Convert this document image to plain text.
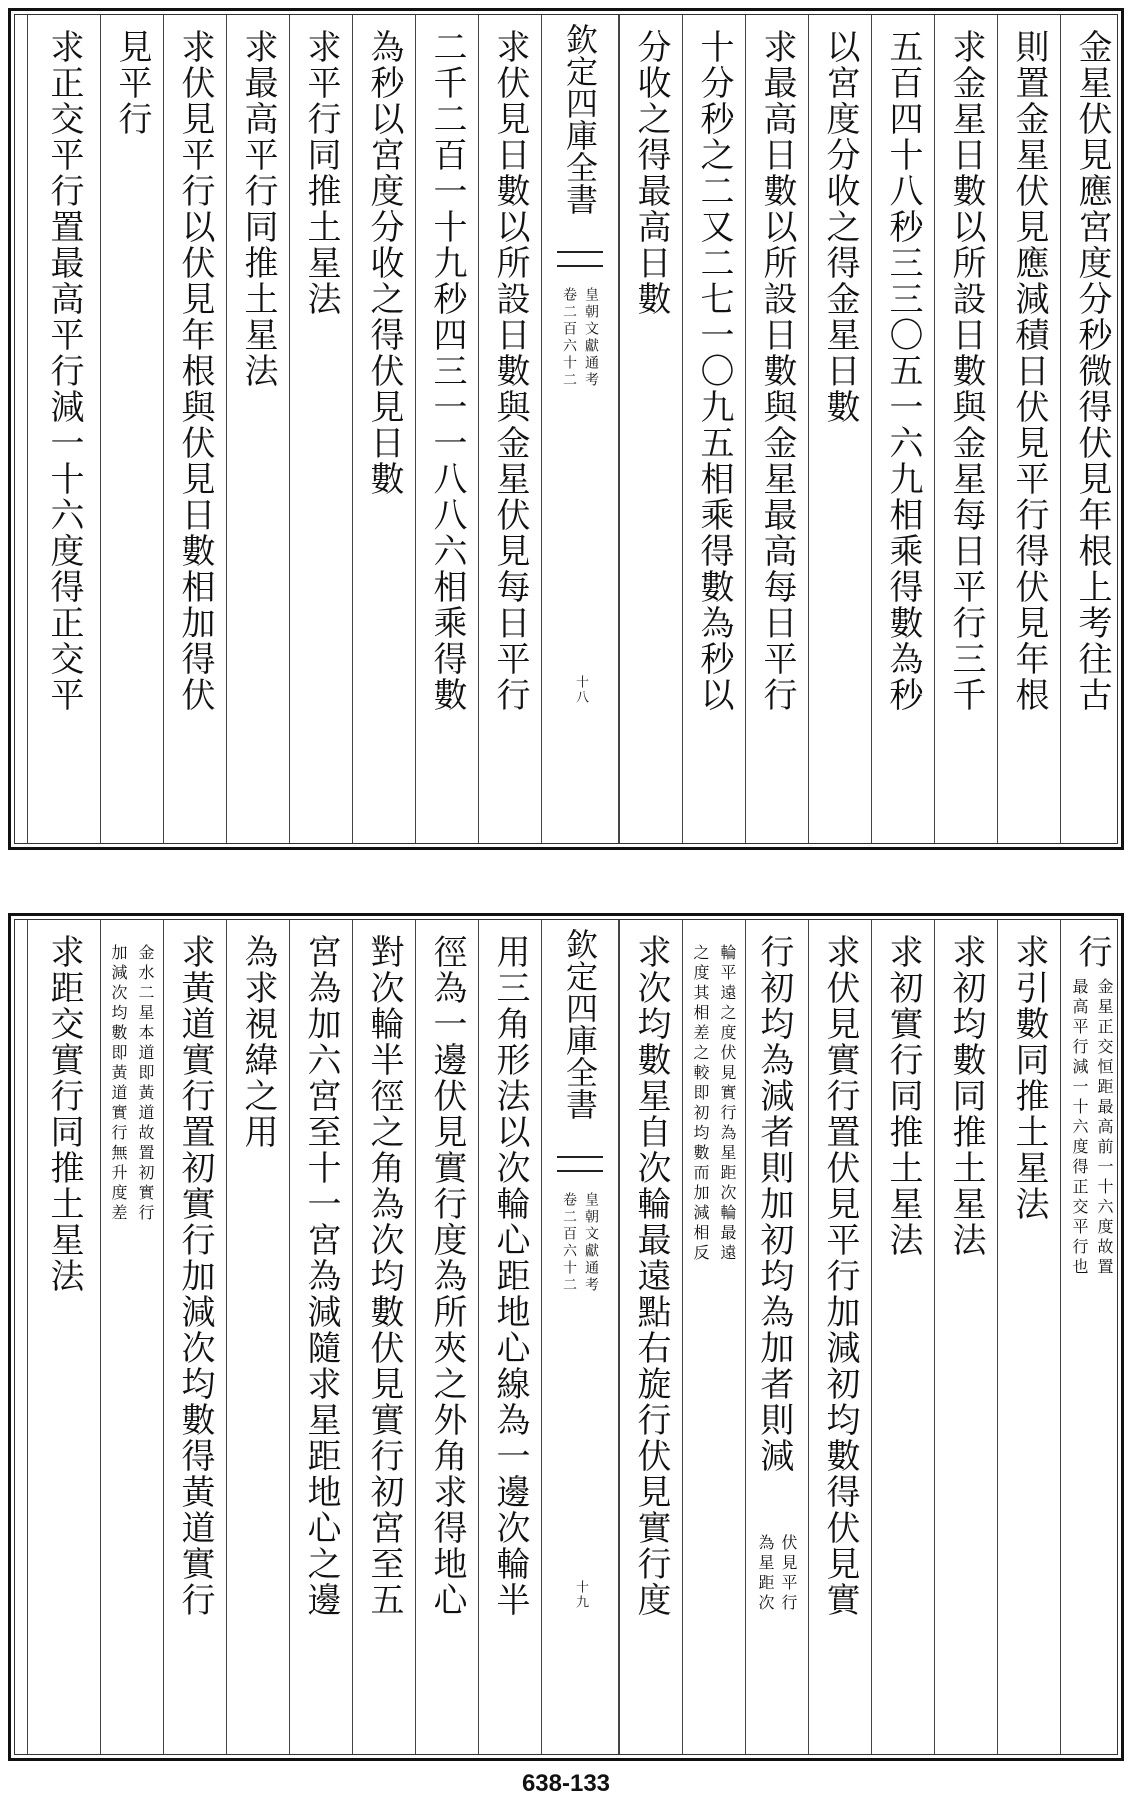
金星伏見應宮度分秒微得伏見年根上考往古
則置金星伏見應減積日伏見平行得伏見年根
求金星日數以所設日數與金星每日平行三千
五百四十八秒三三〇五一六九相乘得數為秒
以宮度分收之得金星日數
求最高日數以所設日數與金星最高每日平行
十分秒之二又二七一〇九五相乘得數為秒以
分收之得最高日數
欽定四庫全書
皇朝文獻通考
卷二百六十二
十八
求伏見日數以所設日數與金星伏見每日平行
二千二百一十九秒四三一一八八六相乘得數
為秒以宮度分收之得伏見日數
求平行同推土星法
求最高平行同推土星法
求伏見平行以伏見年根與伏見日數相加得伏
見平行
求正交平行置最高平行減一十六度得正交平
行
金星正交恒距最高前一十六度故置
最高平行減一十六度得正交平行也
求引數同推土星法
求初均數同推土星法
求初實行同推土星法
求伏見實行置伏見平行加減初均數得伏見實
行初均為減者則加初均為加者則減
伏見平行
為星距次
輪平遠之度伏見實行為星距次輪最遠
之度其相差之較即初均數而加減相反
求次均數星自次輪最遠點右旋行伏見實行度
欽定四庫全書
皇朝文獻通考
卷二百六十二
十九
用三角形法以次輪心距地心線為一邊次輪半
徑為一邊伏見實行度為所夾之外角求得地心
對次輪半徑之角為次均數伏見實行初宮至五
宮為加六宮至十一宮為減隨求星距地心之邊
為求視緯之用
求黃道實行置初實行加減次均數得黃道實行
金水二星本道即黃道故置初實行
加減次均數即黃道實行無升度差
求距交實行同推土星法
638-133
